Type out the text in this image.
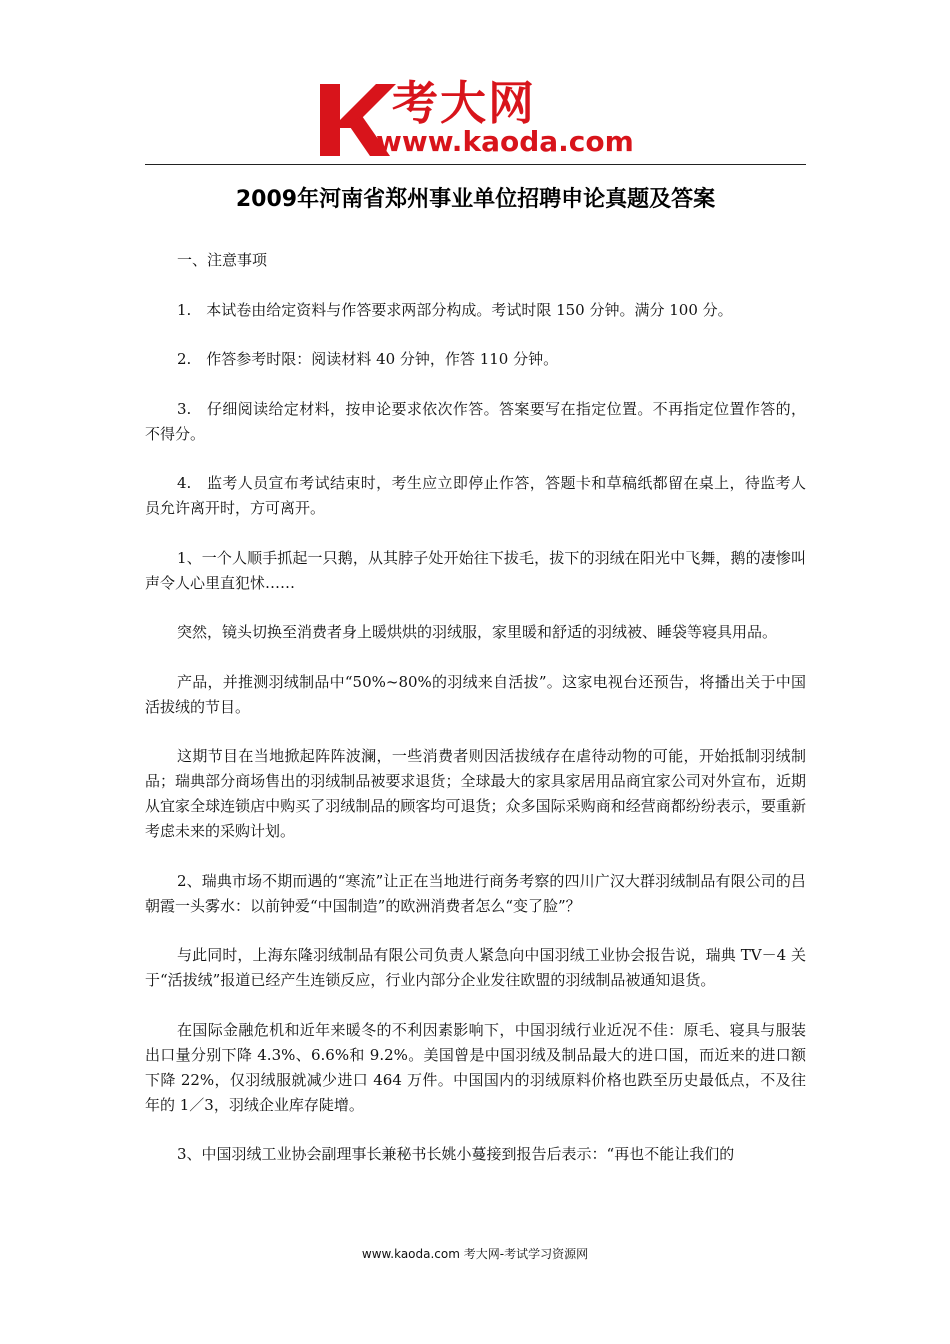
考大网
www.kaoda.com
2009年河南省郑州事业单位招聘申论真题及答案

一、注意事项

1.　本试卷由给定资料与作答要求两部分构成。考试时限 150 分钟。满分 100 分。

2.　作答参考时限：阅读材料 40 分钟，作答 110 分钟。

3.　仔细阅读给定材料，按申论要求依次作答。答案要写在指定位置。不再指定位置作答的，不得分。

4.　监考人员宣布考试结束时，考生应立即停止作答，答题卡和草稿纸都留在桌上，待监考人员允许离开时，方可离开。

1、一个人顺手抓起一只鹅，从其脖子处开始往下拔毛，拔下的羽绒在阳光中飞舞，鹅的凄惨叫声令人心里直犯怵……

突然，镜头切换至消费者身上暖烘烘的羽绒服，家里暖和舒适的羽绒被、睡袋等寝具用品。

产品，并推测羽绒制品中“50%~80%的羽绒来自活拔”。这家电视台还预告，将播出关于中国活拔绒的节目。

这期节目在当地掀起阵阵波澜，一些消费者则因活拔绒存在虐待动物的可能，开始抵制羽绒制品；瑞典部分商场售出的羽绒制品被要求退货；全球最大的家具家居用品商宜家公司对外宣布，近期从宜家全球连锁店中购买了羽绒制品的顾客均可退货；众多国际采购商和经营商都纷纷表示，要重新考虑未来的采购计划。

2、瑞典市场不期而遇的“寒流”让正在当地进行商务考察的四川广汉大群羽绒制品有限公司的吕朝霞一头雾水：以前钟爱“中国制造”的欧洲消费者怎么“变了脸”？

与此同时，上海东隆羽绒制品有限公司负责人紧急向中国羽绒工业协会报告说，瑞典 TV－4 关于“活拔绒”报道已经产生连锁反应，行业内部分企业发往欧盟的羽绒制品被通知退货。

在国际金融危机和近年来暖冬的不利因素影响下，中国羽绒行业近况不佳：原毛、寝具与服装出口量分别下降 4.3%、6.6%和 9.2%。美国曾是中国羽绒及制品最大的进口国，而近来的进口额下降 22%，仅羽绒服就减少进口 464 万件。中国国内的羽绒原料价格也跌至历史最低点，不及往年的 1／3，羽绒企业库存陡增。

3、中国羽绒工业协会副理事长兼秘书长姚小蔓接到报告后表示：“再也不能让我们的

www.kaoda.com 考大网-考试学习资源网
